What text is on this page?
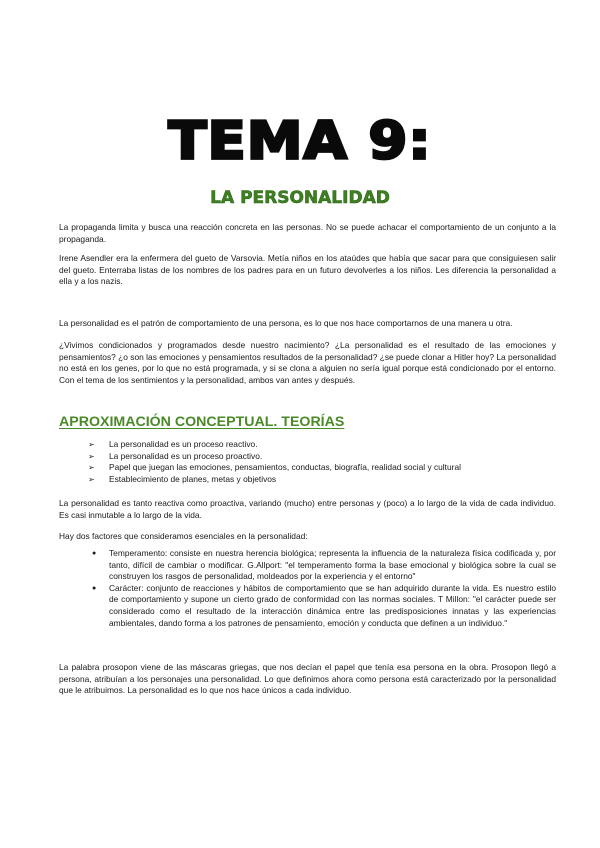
TEMA 9:
LA PERSONALIDAD

La propaganda limita y busca una reacción concreta en las personas. No se puede achacar el comportamiento de un conjunto a la propaganda.

Irene Asendler era la enfermera del gueto de Varsovia. Metía niños en los ataúdes que había que sacar para que consiguiesen salir del gueto. Enterraba listas de los nombres de los padres para en un futuro devolverles a los niños. Les diferencia la personalidad a ella y a los nazis.

La personalidad es el patrón de comportamiento de una persona, es lo que nos hace comportarnos de una manera u otra.

¿Vivimos condicionados y programados desde nuestro nacimiento? ¿La personalidad es el resultado de las emociones y pensamientos? ¿o son las emociones y pensamientos resultados de la personalidad? ¿se puede clonar a Hitler hoy? La personalidad no está en los genes, por lo que no está programada, y si se clona a alguien no sería igual porque está condicionado por el entorno. Con el tema de los sentimientos y la personalidad, ambos van antes y después.

APROXIMACIÓN CONCEPTUAL. TEORÍAS
➢ La personalidad es un proceso reactivo.
➢ La personalidad es un proceso proactivo.
➢ Papel que juegan las emociones, pensamientos, conductas, biografía, realidad social y cultural
➢ Establecimiento de planes, metas y objetivos

La personalidad es tanto reactiva como proactiva, variando (mucho) entre personas y (poco) a lo largo de la vida de cada individuo. Es casi inmutable a lo largo de la vida.

Hay dos factores que consideramos esenciales en la personalidad:

● Temperamento: consiste en nuestra herencia biológica; representa la influencia de la naturaleza física codificada y, por tanto, difícil de cambiar o modificar. G.Allport: "el temperamento forma la base emocional y biológica sobre la cual se construyen los rasgos de personalidad, moldeados por la experiencia y el entorno"
● Carácter: conjunto de reacciones y hábitos de comportamiento que se han adquirido durante la vida. Es nuestro estilo de comportamiento y supone un cierto grado de conformidad con las normas sociales. T Millon: "el carácter puede ser considerado como el resultado de la interacción dinámica entre las predisposiciones innatas y las experiencias ambientales, dando forma a los patrones de pensamiento, emoción y conducta que definen a un individuo."

La palabra prosopon viene de las máscaras griegas, que nos decían el papel que tenía esa persona en la obra. Prosopon llegó a persona, atribuían a los personajes una personalidad. Lo que definimos ahora como persona está caracterizado por la personalidad que le atribuimos. La personalidad es lo que nos hace únicos a cada individuo.
